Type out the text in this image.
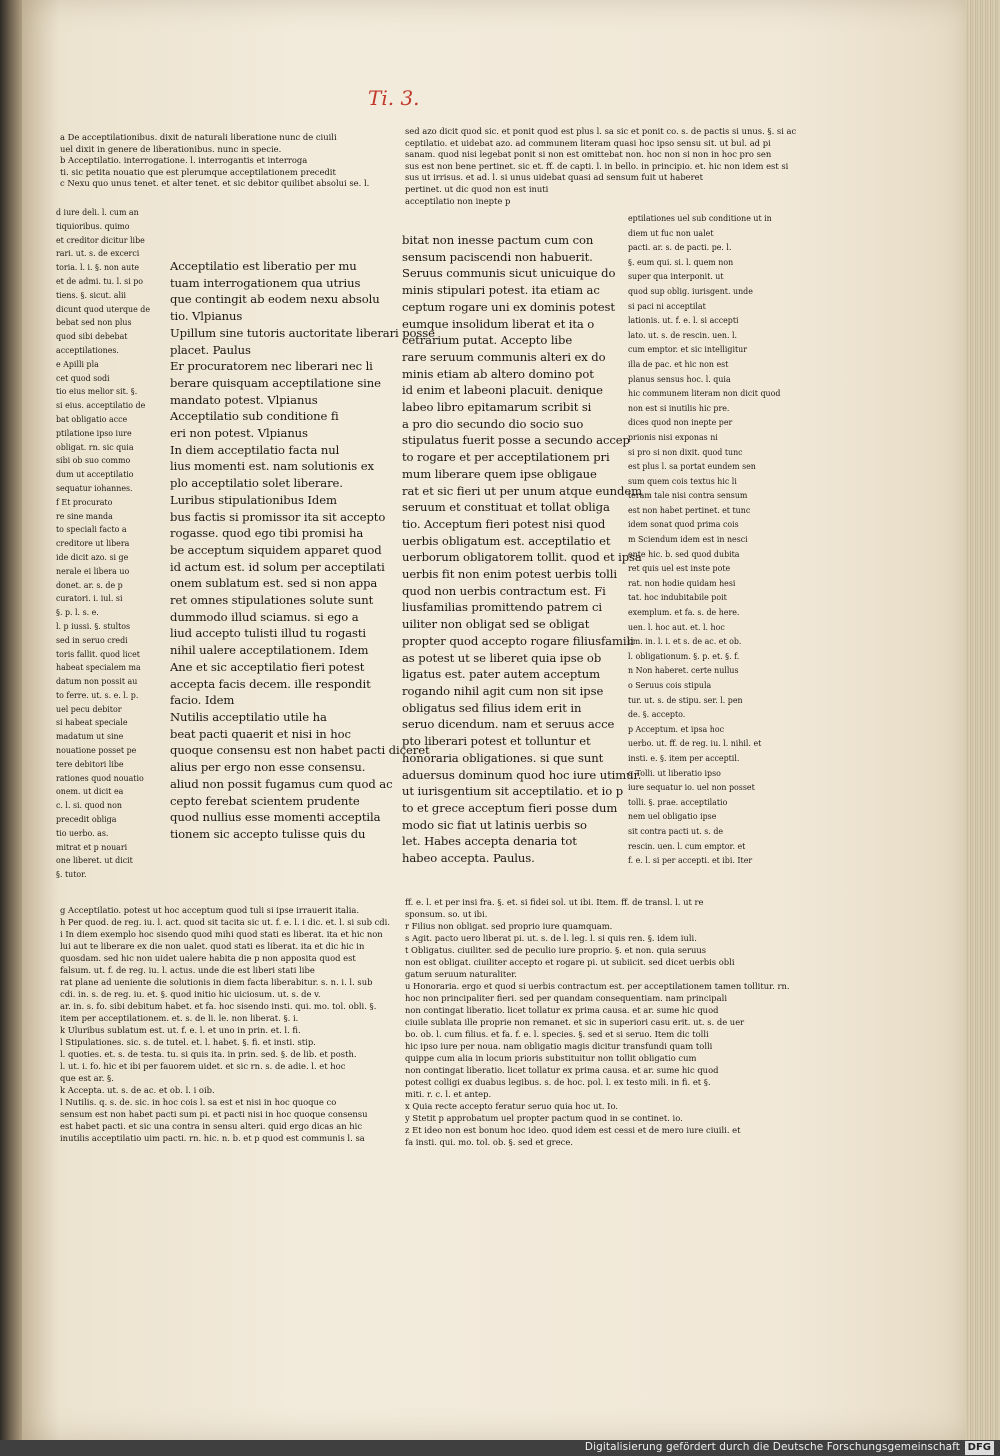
Ti. 3.
a De acceptilationibus. dixit de naturali liberatione nunc de ciuili
uel dixit in genere de liberationibus. nunc in specie.
b Acceptilatio. interrogatione. l. interrogantis et interroga
ti. sic petita nouatio que est plerumque acceptilationem precedit
c Nexu quo unus tenet. et alter tenet. et sic debitor quilibet absolui se. l.
sed azo dicit quod sic. et ponit quod est plus l. sa sic et ponit co. s. de pactis si unus. §. si ac
ceptilatio. et uidebat azo. ad communem literam quasi hoc ipso sensu sit. ut bul. ad pi
sanam. quod nisi legebat ponit si non est omittebat non. hoc non si non in hoc pro sen
sus est non bene pertinet. sic et. ff. de capti. l. in bello. in principio. et. hic non idem est si
sus ut irrisus. et ad. l. si unus uidebat quasi ad sensum fuit ut haberet
pertinet. ut dic quod non est inuti
acceptilatio non inepte p
d iure deli. l. cum an
tiquioribus. quimo
et creditor dicitur libe
rari. ut. s. de excerci
toria. l. i. §. non aute
et de admi. tu. l. si po
tiens. §. sicut. alii
dicunt quod uterque de
bebat sed non plus
quod sibi debebat
acceptilationes.
e Apilli pla
cet quod sodi
tio eius melior sit. §.
si eius. acceptilatio de
bat obligatio acce
ptilatione ipso iure
obligat. rn. sic quia
sibi ob suo commo
dum ut acceptilatio
sequatur iohannes.
f Et procurato
re sine manda
to speciali facto a
creditore ut libera
ide dicit azo. si ge
nerale ei libera uo
donet. ar. s. de p
curatori. i. iul. si
§. p. l. s. e.
l. p iussi. §. stultos
sed in seruo credi
toris fallit. quod licet
habeat specialem ma
datum non possit au
to ferre. ut. s. e. l. p.
uel pecu debitor
si habeat speciale
madatum ut sine
nouatione posset pe
tere debitori libe
rationes quod nouatio
onem. ut dicit ea
c. l. si. quod non
precedit obliga
tio uerbo. as.
mitrat et p nouari
one liberet. ut dicit
§. tutor.
Acceptilatio est liberatio per mu
tuam interrogationem qua utrius
que contingit ab eodem nexu absolu
tio. Vlpianus
Upillum sine tutoris auctoritate liberari posse
placet. Paulus
Er procuratorem nec liberari nec li
berare quisquam acceptilatione sine
mandato potest. Vlpianus
Acceptilatio sub conditione fi
eri non potest. Vlpianus
In diem acceptilatio facta nul
lius momenti est. nam solutionis ex
plo acceptilatio solet liberare.
Luribus stipulationibus Idem
bus factis si promissor ita sit accepto
rogasse. quod ego tibi promisi ha
be acceptum siquidem apparet quod
id actum est. id solum per acceptilati
onem sublatum est. sed si non appa
ret omnes stipulationes solute sunt
dummodo illud sciamus. si ego a
liud accepto tulisti illud tu rogasti
nihil ualere acceptilationem. Idem
Ane et sic acceptilatio fieri potest
accepta facis decem. ille respondit
facio. Idem
Nutilis acceptilatio utile ha
beat pacti quaerit et nisi in hoc
quoque consensu est non habet pacti diceret
alius per ergo non esse consensu.
aliud non possit fugamus cum quod ac
cepto ferebat scientem prudente
quod nullius esse momenti acceptila
tionem sic accepto tulisse quis du
bitat non inesse pactum cum con
sensum paciscendi non habuerit.
Seruus communis sicut unicuique do
minis stipulari potest. ita etiam ac
ceptum rogare uni ex dominis potest
eumque insolidum liberat et ita o
cetrarium putat. Accepto libe
rare seruum communis alteri ex do
minis etiam ab altero domino pot
id enim et labeoni placuit. denique
labeo libro epitamarum scribit si
a pro dio secundo dio socio suo
stipulatus fuerit posse a secundo accep
to rogare et per acceptilationem pri
mum liberare quem ipse obligaue
rat et sic fieri ut per unum atque eundem
seruum et constituat et tollat obliga
tio. Acceptum fieri potest nisi quod
uerbis obligatum est. acceptilatio et
uerborum obligatorem tollit. quod et ipsa
uerbis fit non enim potest uerbis tolli
quod non uerbis contractum est. Fi
liusfamilias promittendo patrem ci
uiliter non obligat sed se obligat
propter quod accepto rogare filiusfamili
as potest ut se liberet quia ipse ob
ligatus est. pater autem acceptum
rogando nihil agit cum non sit ipse
obligatus sed filius idem erit in
seruo dicendum. nam et seruus acce
pto liberari potest et tolluntur et
honoraria obligationes. si que sunt
aduersus dominum quod hoc iure utimur.
ut iurisgentium sit acceptilatio. et io p
to et grece acceptum fieri posse dum
modo sic fiat ut latinis uerbis so
let. Habes accepta denaria tot
habeo accepta. Paulus.
eptilationes uel sub conditione ut in
diem ut fuc non ualet
pacti. ar. s. de pacti. pe. l.
§. eum qui. si. l. quem non
super qua interponit. ut
quod sup oblig. iurisgent. unde
si paci ni acceptilat
lationis. ut. f. e. l. si accepti
lato. ut. s. de rescin. uen. l.
cum emptor. et sic intelligitur
illa de pac. et hic non est
planus sensus hoc. l. quia
hic communem literam non dicit quod
non est si inutilis hic pre.
dices quod non inepte per
prionis nisi exponas ni
si pro si non dixit. quod tunc
est plus l. sa portat eundem sen
sum quem cois textus hic li
teram tale nisi contra sensum
est non habet pertinet. et tunc
idem sonat quod prima cois
m Sciendum idem est in nesci
ente hic. b. sed quod dubita
ret quis uel est inste pote
rat. non hodie quidam hesi
tat. hoc indubitabile poit
exemplum. et fa. s. de here.
uen. l. hoc aut. et. l. hoc
om. in. l. i. et s. de ac. et ob.
l. obligationum. §. p. et. §. f.
n Non haberet. certe nullus
o Seruus cois stipula
tur. ut. s. de stipu. ser. l. pen
de. §. accepto.
p Acceptum. et ipsa hoc
uerbo. ut. ff. de reg. iu. l. nihil. et
insti. e. §. item per acceptil.
q Tolli. ut liberatio ipso
iure sequatur io. uel non posset
tolli. §. prae. acceptilatio
nem uel obligatio ipse
sit contra pacti ut. s. de
rescin. uen. l. cum emptor. et
f. e. l. si per accepti. et ibi. Iter
g Acceptilatio. potest ut hoc acceptum quod tuli si ipse irrauerit italia.
h Per quod. de reg. iu. l. act. quod sit tacita sic ut. f. e. l. i dic. et. l. si sub cdi.
i In diem exemplo hoc sisendo quod mihi quod stati es liberat. ita et hic non
lui aut te liberare ex die non ualet. quod stati es liberat. ita et dic hic in
quosdam. sed hic non uidet ualere habita die p non apposita quod est
falsum. ut. f. de reg. iu. l. actus. unde die est liberi stati libe
rat plane ad ueniente die solutionis in diem facta liberabitur. s. n. i. l. sub
cdi. in. s. de reg. iu. et. §. quod initio hic uiciosum. ut. s. de v.
ar. in. s. fo. sibi debitum habet. et fa. hoc sisendo insti. qui. mo. tol. obli. §.
item per acceptilationem. et. s. de li. le. non liberat. §. i.
k Uluribus sublatum est. ut. f. e. l. et uno in prin. et. l. fi.
l Stipulationes. sic. s. de tutel. et. l. habet. §. fi. et insti. stip.
l. quoties. et. s. de testa. tu. si quis ita. in prin. sed. §. de lib. et posth.
l. ut. i. fo. hic et ibi per fauorem uidet. et sic rn. s. de adie. l. et hoc
que est ar. §.
k Accepta. ut. s. de ac. et ob. l. i oib.
l Nutilis. q. s. de. sic. in hoc cois l. sa est et nisi in hoc quoque co
sensum est non habet pacti sum pi. et pacti nisi in hoc quoque consensu
est habet pacti. et sic una contra in sensu alteri. quid ergo dicas an hic
inutilis acceptilatio uim pacti. rn. hic. n. b. et p quod est communis l. sa
ff. e. l. et per insi fra. §. et. si fidei sol. ut ibi. Item. ff. de transl. l. ut re
sponsum. so. ut ibi.
r Filius non obligat. sed proprio iure quamquam.
s Agit. pacto uero liberat pi. ut. s. de l. leg. l. si quis ren. §. idem iuli.
t Obligatus. ciuiliter. sed de peculio iure proprio. §. et non. quia seruus
non est obligat. ciuiliter accepto et rogare pi. ut subiicit. sed dicet uerbis obli
gatum seruum naturaliter.
u Honoraria. ergo et quod si uerbis contractum est. per acceptilationem tamen tollitur. rn.
hoc non principaliter fieri. sed per quandam consequentiam. nam principali
non contingat liberatio. licet tollatur ex prima causa. et ar. sume hic quod
ciuile sublata ille proprie non remanet. et sic in superiori casu erit. ut. s. de uer
bo. ob. l. cum filius. et fa. f. e. l. species. §. sed et si seruo. Item dic tolli
hic ipso iure per noua. nam obligatio magis dicitur transfundi quam tolli
quippe cum alia in locum prioris substituitur non tollit obligatio cum
non contingat liberatio. licet tollatur ex prima causa. et ar. sume hic quod
potest colligi ex duabus legibus. s. de hoc. pol. l. ex testo mili. in fi. et §.
miti. r. c. l. et antep.
x Quia recte accepto feratur seruo quia hoc ut. Io.
y Stetit p approbatum uel propter pactum quod in se continet. io.
z Et ideo non est bonum hoc ideo. quod idem est cessi et de mero iure ciuili. et
fa insti. qui. mo. tol. ob. §. sed et grece.
Digitalisierung gefördert durch die Deutsche Forschungsgemeinschaft DFG
